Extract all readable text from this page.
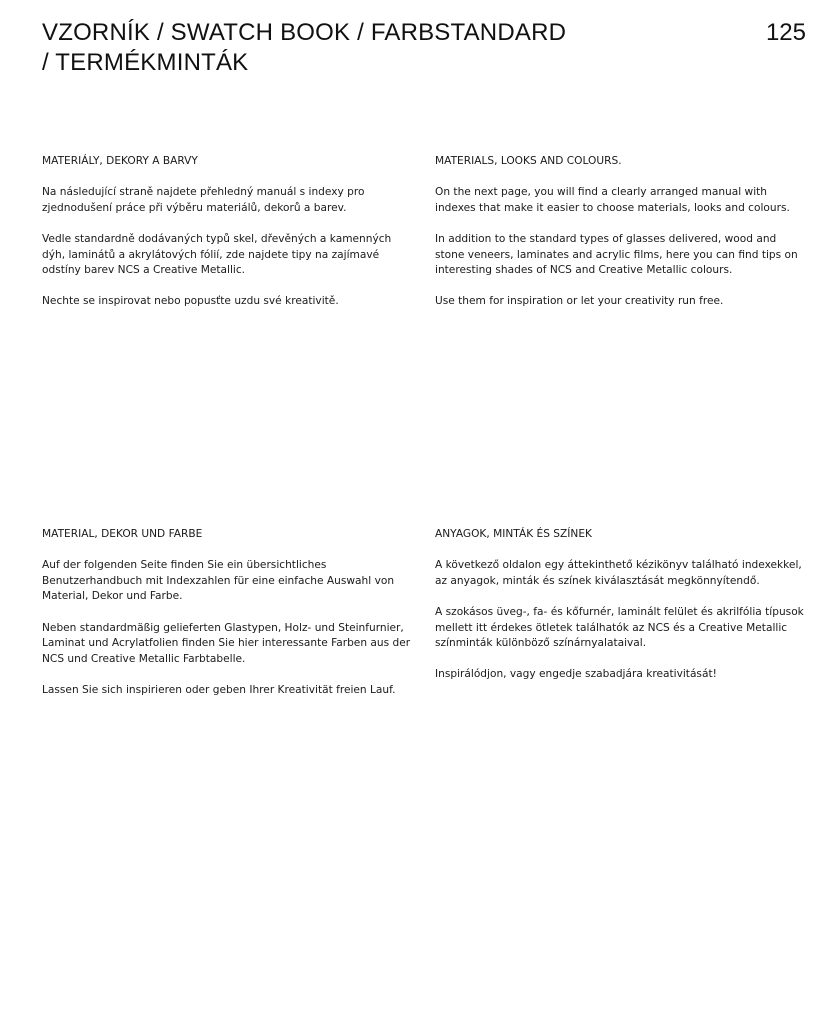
VZORNÍK / SWATCH BOOK / FARBSTANDARD
/ TERMÉKMINTÁK
125
MATERIÁLY, DEKORY A BARVY

Na následující straně najdete přehledný manuál s indexy pro zjednodušení práce při výběru materiálů, dekorů a barev.

Vedle standardně dodávaných typů skel, dřevěných a kamenných dýh, laminátů a akrylátových fólií, zde najdete tipy na zajímavé odstíny barev NCS a Creative Metallic.

Nechte se inspirovat nebo popusťte uzdu své kreativitě.

MATERIALS, LOOKS AND COLOURS.

On the next page, you will find a clearly arranged manual with indexes that make it easier to choose materials, looks and colours.

In addition to the standard types of glasses delivered, wood and stone veneers, laminates and acrylic films, here you can find tips on interesting shades of NCS and Creative Metallic colours.

Use them for inspiration or let your creativity run free.

MATERIAL, DEKOR UND FARBE

Auf der folgenden Seite finden Sie ein übersichtliches Benutzerhandbuch mit Indexzahlen für eine einfache Auswahl von Material, Dekor und Farbe.

Neben standardmäßig gelieferten Glastypen, Holz- und Steinfurnier, Laminat und Acrylatfolien finden Sie hier interessante Farben aus der NCS und Creative Metallic Farbtabelle.

Lassen Sie sich inspirieren oder geben Ihrer Kreativität freien Lauf.

ANYAGOK, MINTÁK ÉS SZÍNEK

A következő oldalon egy áttekinthető kézikönyv található indexekkel, az anyagok, minták és színek kiválasztását megkönnyítendő.

A szokásos üveg-, fa- és kőfurnér, laminált felület és akrilfólia típusok mellett itt érdekes ötletek találhatók az NCS és a Creative Metallic színminták különböző színárnyalataival.

Inspirálódjon, vagy engedje szabadjára kreativitását!
